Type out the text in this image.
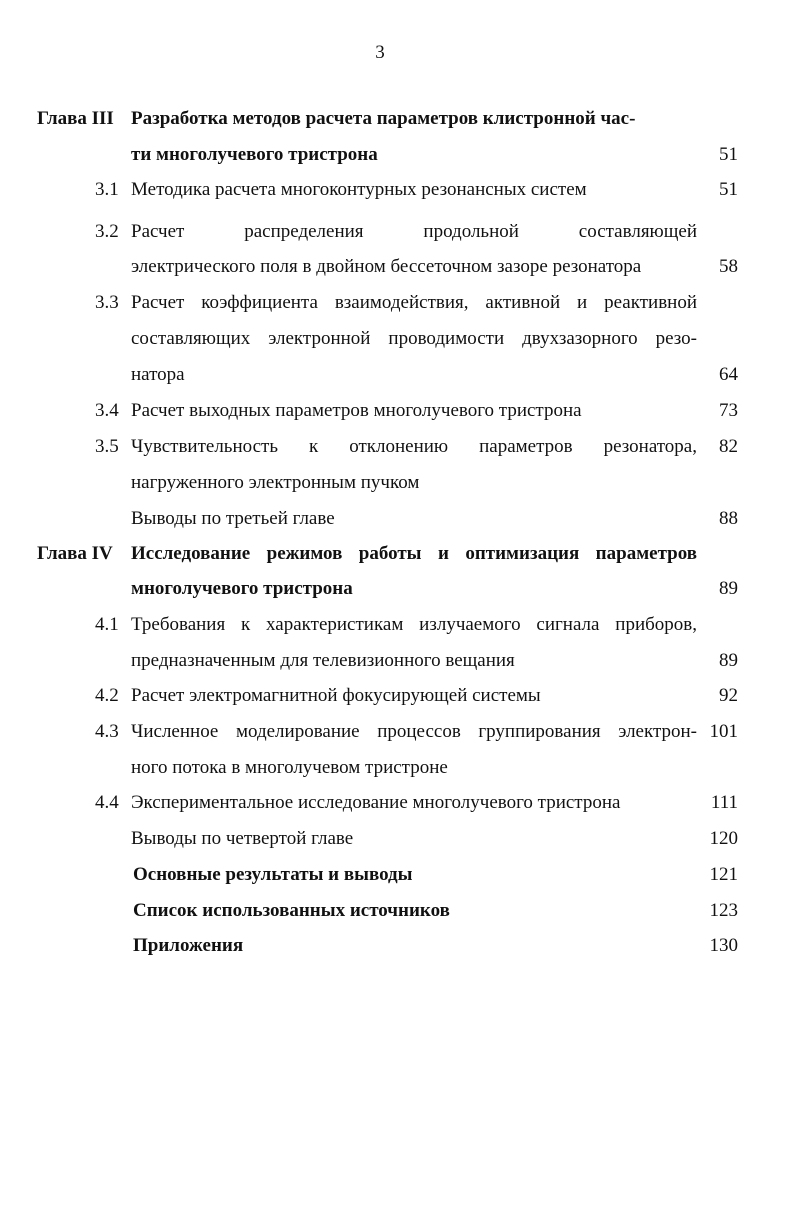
3
Глава III Разработка методов расчета параметров клистронной час-
ти многолучевого тристрона	51
3.1 Методика расчета многоконтурных резонансных систем	51
3.2 Расчет распределения продольной составляющей
электрического поля в двойном бессеточном зазоре резонатора	58
3.3 Расчет коэффициента взаимодействия, активной и реактивной
составляющих электронной проводимости двухзазорного резо-
натора	64
3.4 Расчет выходных параметров многолучевого тристрона	73
3.5 Чувствительность к отклонению параметров резонатора,	82
нагруженного электронным пучком
Выводы по третьей главе	88
Глава IV Исследование режимов работы и оптимизация параметров
многолучевого тристрона	89
4.1 Требования к характеристикам излучаемого сигнала приборов,
предназначенным для телевизионного вещания	89
4.2 Расчет электромагнитной фокусирующей системы	92
4.3 Численное моделирование процессов группирования электрон- 101
ного потока в многолучевом тристроне
4.4 Экспериментальное исследование многолучевого тристрона	111
Выводы по четвертой главе	120
Основные результаты и выводы	121
Список использованных источников	123
Приложения	130
